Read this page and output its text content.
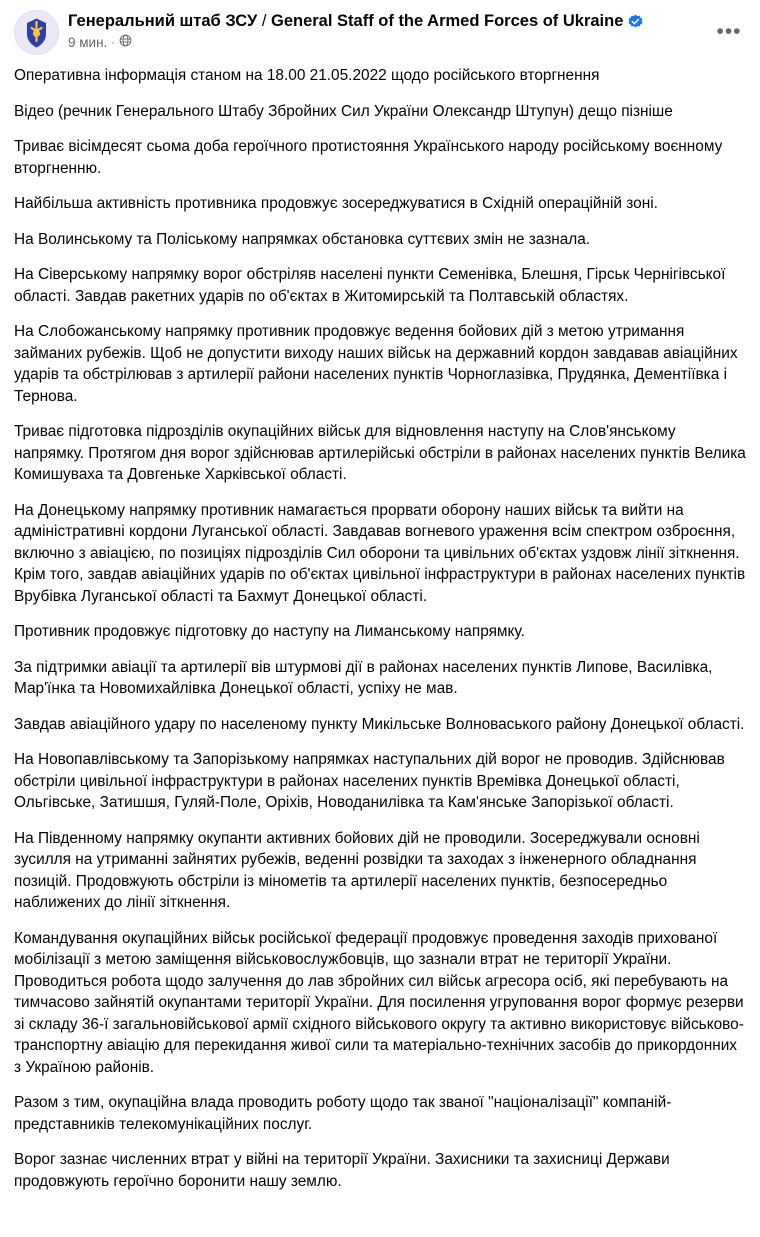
Генеральний штаб ЗСУ / General Staff of the Armed Forces of Ukraine
9 мин. ·	•••

Оперативна інформація станом на 18.00 21.05.2022 щодо російського вторгнення

Відео (речник Генерального Штабу Збройних Сил України Олександр Штупун) дещо пізніше

Триває вісімдесят сьома доба героїчного протистояння Українського народу російському воєнному вторгненню.

Найбільша активність противника продовжує зосереджуватися в Східній операційній зоні.

На Волинському та Поліському напрямках обстановка суттєвих змін не зазнала.

На Сіверському напрямку ворог обстріляв населені пункти Семенівка, Блешня, Гірськ Чернігівської області. Завдав ракетних ударів по об'єктах в Житомирській та Полтавській областях.

На Слобожанському напрямку противник продовжує ведення бойових дій з метою утримання займаних рубежів. Щоб не допустити виходу наших військ на державний кордон завдавав авіаційних ударів та обстрілював з артилерії райони населених пунктів Чорноглазівка, Прудянка, Дементіївка і Тернова.

Триває підготовка підрозділів окупаційних військ для відновлення наступу на Слов'янському напрямку. Протягом дня ворог здійснював артилерійські обстріли в районах населених пунктів Велика Комишуваха та Довгеньке Харківської області.

На Донецькому напрямку противник намагається прорвати оборону наших військ та вийти на адміністративні кордони Луганської області. Завдавав вогневого ураження всім спектром озброєння, включно з авіацією, по позиціях підрозділів Сил оборони та цивільних об'єктах уздовж лінії зіткнення. Крім того, завдав авіаційних ударів по об'єктах цивільної інфраструктури в районах населених пунктів Врубівка Луганської області та Бахмут Донецької області.

Противник продовжує підготовку до наступу на Лиманському напрямку.

За підтримки авіації та артилерії вів штурмові дії в районах населених пунктів Липове, Василівка, Мар'їнка та Новомихайлівка Донецької області, успіху не мав.

Завдав авіаційного удару по населеному пункту Микільське Волноваського району Донецької області.

На Новопавлівському та Запорізькому напрямках наступальних дій ворог не проводив. Здійснював обстріли цивільної інфраструктури в районах населених пунктів Времівка Донецької області, Ольгівське, Затишшя, Гуляй-Поле, Оріхів, Новоданилівка та Кам'янське Запорізької області.

На Південному напрямку окупанти активних бойових дій не проводили. Зосереджували основні зусилля на утриманні зайнятих рубежів, веденні розвідки та заходах з інженерного обладнання позицій. Продовжують обстріли із мінометів та артилерії населених пунктів, безпосередньо наближених до лінії зіткнення.

Командування окупаційних військ російської федерації продовжує проведення заходів прихованої мобілізації з метою заміщення військовослужбовців, що зазнали втрат не території України. Проводиться робота щодо залучення до лав збройних сил військ агресора осіб, які перебувають на тимчасово зайнятій окупантами території України. Для посилення угруповання ворог формує резерви зі складу 36-ї загальновійськової армії східного військового округу та активно використовує військово-транспортну авіацію для перекидання живої сили та матеріально-технічних засобів до прикордонних з Україною районів.

Разом з тим, окупаційна влада проводить роботу щодо так званої "націоналізації" компаній-представників телекомунікаційних послуг.

Ворог зазнає численних втрат у війні на території України. Захисники та захисниці Держави продовжують героїчно боронити нашу землю.
